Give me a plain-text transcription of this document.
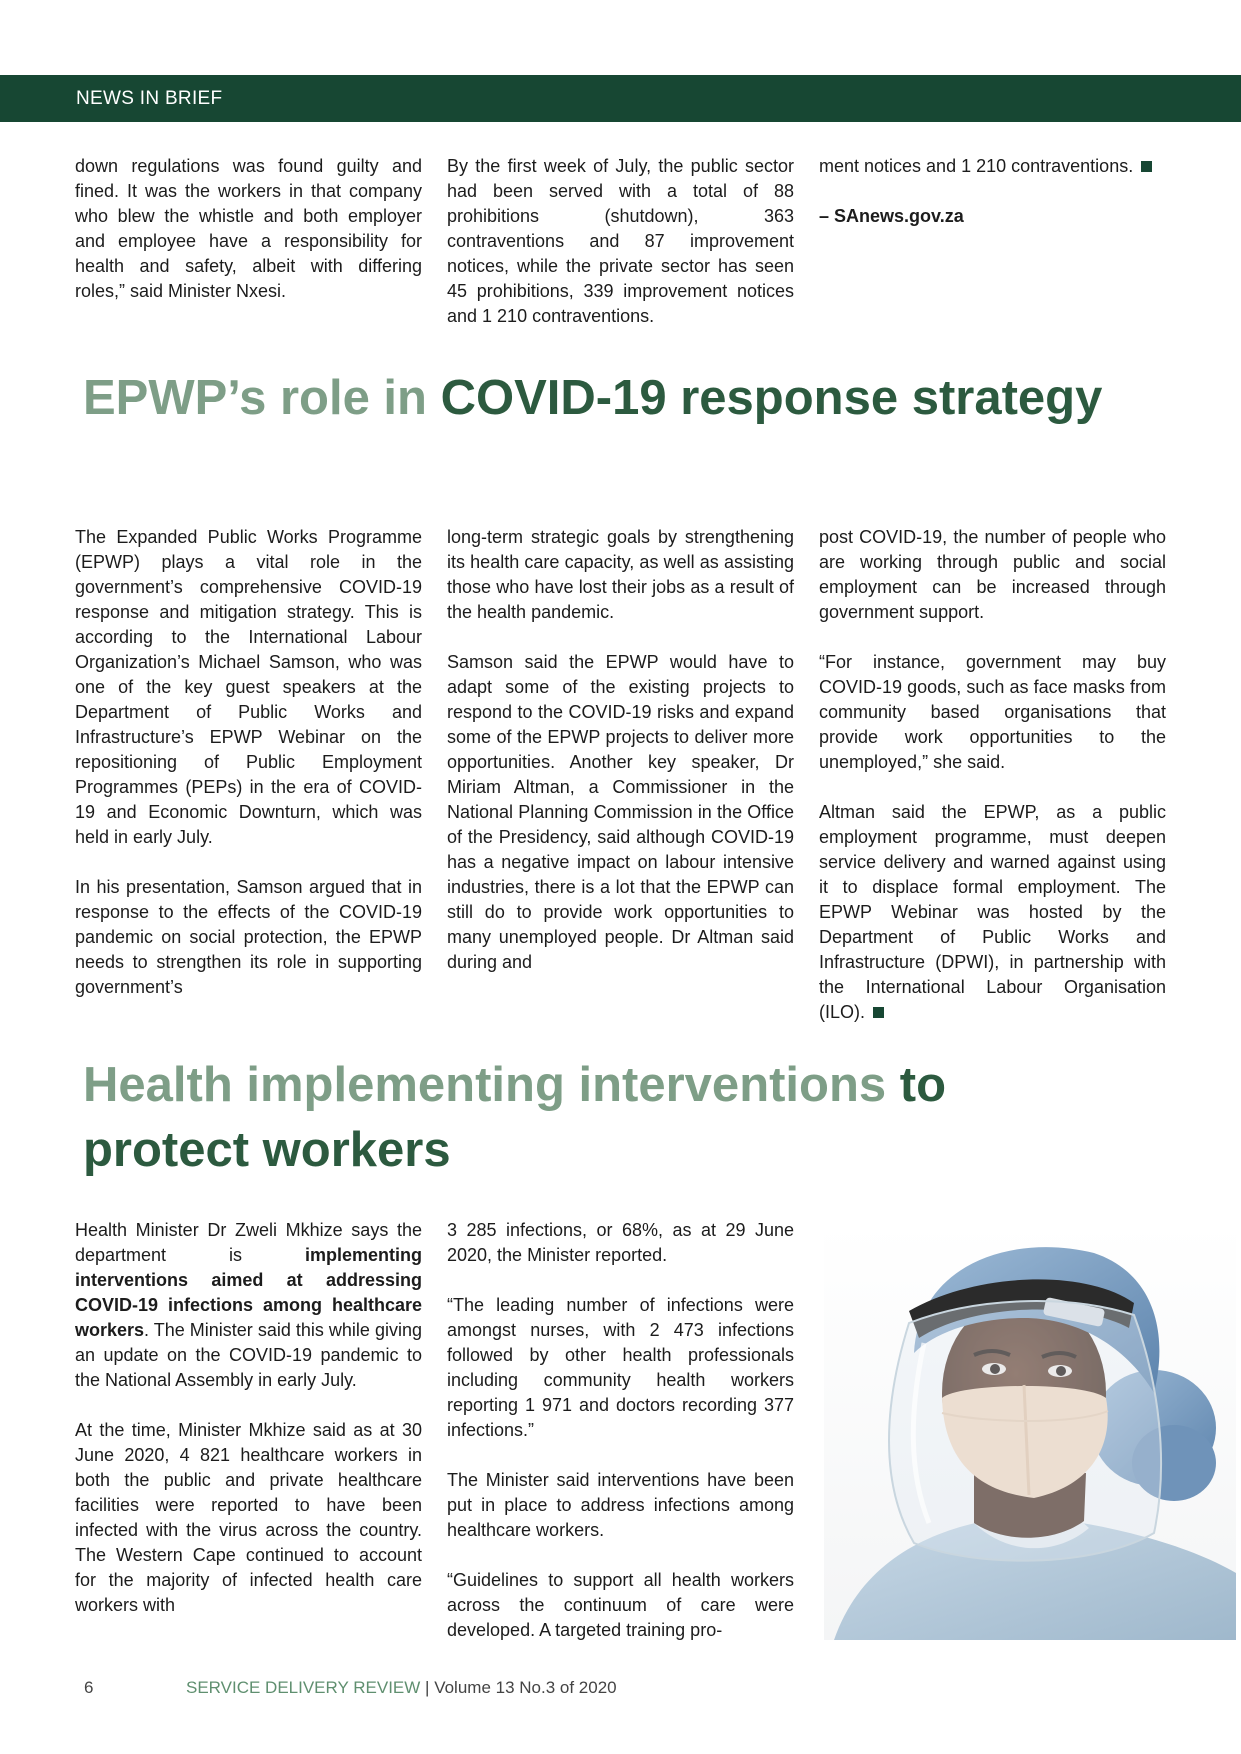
NEWS IN BRIEF

down regulations was found guilty and fined. It was the workers in that company who blew the whistle and both employer and employee have a responsibility for health and safety, albeit with differing roles,” said Minister Nxesi.

By the first week of July, the public sector had been served with a total of 88 prohibitions (shutdown), 363 contraventions and 87 improvement notices, while the private sector has seen 45 prohibitions, 339 improvement notices and 1 210 contraventions.

ment notices and 1 210 contraventions.

– SAnews.gov.za

EPWP’s role in COVID-19 response strategy

The Expanded Public Works Programme (EPWP) plays a vital role in the government’s comprehensive COVID-19 response and mitigation strategy. This is according to the International Labour Organization’s Michael Samson, who was one of the key guest speakers at the Department of Public Works and Infrastructure’s EPWP Webinar on the repositioning of Public Employment Programmes (PEPs) in the era of COVID-19 and Economic Downturn, which was held in early July.

In his presentation, Samson argued that in response to the effects of the COVID-19 pandemic on social protection, the EPWP needs to strengthen its role in supporting government’s

long-term strategic goals by strengthening its health care capacity, as well as assisting those who have lost their jobs as a result of the health pandemic.

Samson said the EPWP would have to adapt some of the existing projects to respond to the COVID-19 risks and expand some of the EPWP projects to deliver more opportunities. Another key speaker, Dr Miriam Altman, a Commissioner in the National Planning Commission in the Office of the Presidency, said although COVID-19 has a negative impact on labour intensive industries, there is a lot that the EPWP can still do to provide work opportunities to many unemployed people. Dr Altman said during and

post COVID-19, the number of people who are working through public and social employment can be increased through government support.

“For instance, government may buy COVID-19 goods, such as face masks from community based organisations that provide work opportunities to the unemployed,” she said.

Altman said the EPWP, as a public employment programme, must deepen service delivery and warned against using it to displace formal employment. The EPWP Webinar was hosted by the Department of Public Works and Infrastructure (DPWI), in partnership with the International Labour Organisation (ILO).

Health implementing interventions to protect workers

Health Minister Dr Zweli Mkhize says the department is implementing interventions aimed at addressing COVID-19 infections among healthcare workers. The Minister said this while giving an update on the COVID-19 pandemic to the National Assembly in early July.

At the time, Minister Mkhize said as at 30 June 2020, 4 821 healthcare workers in both the public and private healthcare facilities were reported to have been infected with the virus across the country. The Western Cape continued to account for the majority of infected health care workers with

3 285 infections, or 68%, as at 29 June 2020, the Minister reported.

“The leading number of infections were amongst nurses, with 2 473 infections followed by other health professionals including community health workers reporting 1 971 and doctors recording 377 infections.”

The Minister said interventions have been put in place to address infections among healthcare workers.

“Guidelines to support all health workers across the continuum of care were developed. A targeted training pro-

6	SERVICE DELIVERY REVIEW | Volume 13 No.3 of 2020
